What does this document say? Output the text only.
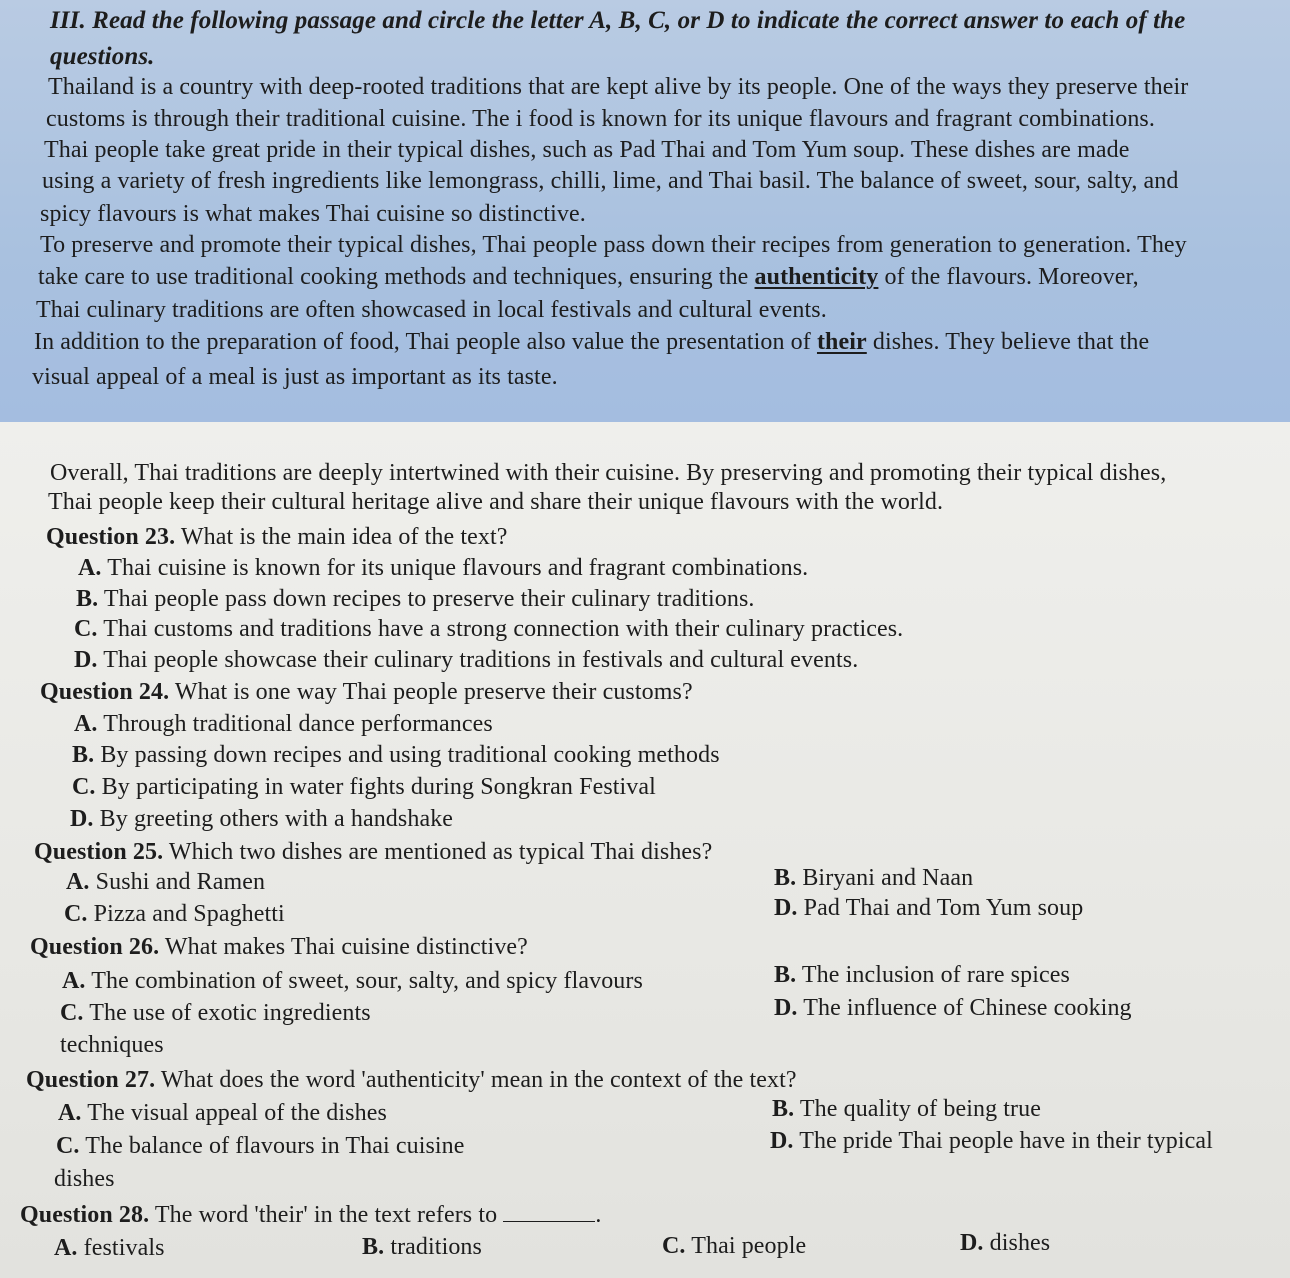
III. Read the following passage and circle the letter A, B, C, or D to indicate the correct answer to each of the
questions.
Thailand is a country with deep-rooted traditions that are kept alive by its people. One of the ways they preserve their
customs is through their traditional cuisine. The i food is known for its unique flavours and fragrant combinations.
Thai people take great pride in their typical dishes, such as Pad Thai and Tom Yum soup. These dishes are made
using a variety of fresh ingredients like lemongrass, chilli, lime, and Thai basil. The balance of sweet, sour, salty, and
spicy flavours is what makes Thai cuisine so distinctive.
To preserve and promote their typical dishes, Thai people pass down their recipes from generation to generation. They
take care to use traditional cooking methods and techniques, ensuring the authenticity of the flavours. Moreover,
Thai culinary traditions are often showcased in local festivals and cultural events.
In addition to the preparation of food, Thai people also value the presentation of their dishes. They believe that the
visual appeal of a meal is just as important as its taste.
Overall, Thai traditions are deeply intertwined with their cuisine. By preserving and promoting their typical dishes,
Thai people keep their cultural heritage alive and share their unique flavours with the world.
Question 23. What is the main idea of the text?
A. Thai cuisine is known for its unique flavours and fragrant combinations.
B. Thai people pass down recipes to preserve their culinary traditions.
C. Thai customs and traditions have a strong connection with their culinary practices.
D. Thai people showcase their culinary traditions in festivals and cultural events.
Question 24. What is one way Thai people preserve their customs?
A. Through traditional dance performances
B. By passing down recipes and using traditional cooking methods
C. By participating in water fights during Songkran Festival
D. By greeting others with a handshake
Question 25. Which two dishes are mentioned as typical Thai dishes?
A. Sushi and Ramen	B. Biryani and Naan
C. Pizza and Spaghetti	D. Pad Thai and Tom Yum soup
Question 26. What makes Thai cuisine distinctive?
A. The combination of sweet, sour, salty, and spicy flavours	B. The inclusion of rare spices
C. The use of exotic ingredients	D. The influence of Chinese cooking
techniques
Question 27. What does the word 'authenticity' mean in the context of the text?
A. The visual appeal of the dishes	B. The quality of being true
C. The balance of flavours in Thai cuisine	D. The pride Thai people have in their typical
dishes
Question 28. The word 'their' in the text refers to	.
A. festivals	B. traditions	C. Thai people	D. dishes
